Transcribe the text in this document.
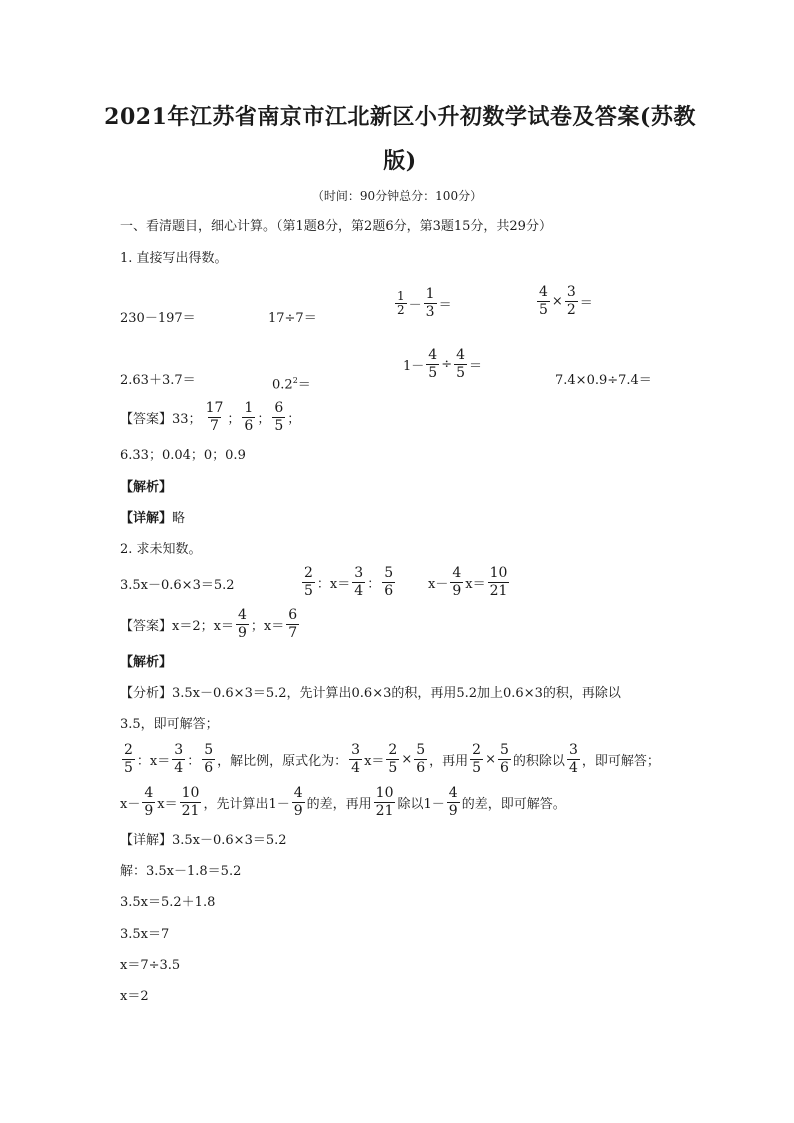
2021年江苏省南京市江北新区小升初数学试卷及答案(苏教
版)
（时间：90分钟总分：100分）
一、看清题目，细心计算。（第1题8分，第2题6分，第3题15分，共29分）
1. 直接写出得数。
230－197＝	17÷7＝
$\frac{1}{2} - \frac{1}{3}$ ＝	$\frac{4}{5} \times \frac{3}{2}$ ＝
2.63＋3.7＝	$0.2^2=$
$1- \frac{4}{5} \div \frac{4}{5}$ ＝
7.4×0.9÷7.4＝
【答案】 33； $\frac{17}{7}$ ； $\frac{1}{6}$ ； $\frac{6}{5}$ ；
6.33；0.04；0；0.9
【解析】
【详解】略
2. 求未知数。
3.5x－0.6×3＝5.2	$\frac{2}{5}$ ：$x= \frac{3}{4}$ ： $\frac{5}{6}$	$x- \frac{4}{9} x= \frac{10}{21}$
【答案】 x＝2；$x= \frac{4}{9}$ ；$x= \frac{6}{7}$
【解析】
【分析】3.5x－0.6×3＝5.2，先计算出0.6×3的积，再用5.2加上0.6×3的积，再除以
3.5，即可解答；
$\frac{2}{5}$ ：$x= \frac{3}{4}$ ： $\frac{5}{6}$ ，解比例，原式化为： $\frac{3}{4} x= \frac{2}{5} \times \frac{5}{6}$ ，再用 $\frac{2}{5} \times \frac{5}{6}$ 的积除以 $\frac{3}{4}$ ，即可解答；
$x- \frac{4}{9} x= \frac{10}{21}$ ，先计算出$1- \frac{4}{9}$ 的差，再用 $\frac{10}{21}$ 除以$1- \frac{4}{9}$ 的差，即可解答。
【详解】3.5x－0.6×3＝5.2
解：3.5x－1.8＝5.2
3.5x＝5.2＋1.8
3.5x＝7
x＝7÷3.5
x＝2
